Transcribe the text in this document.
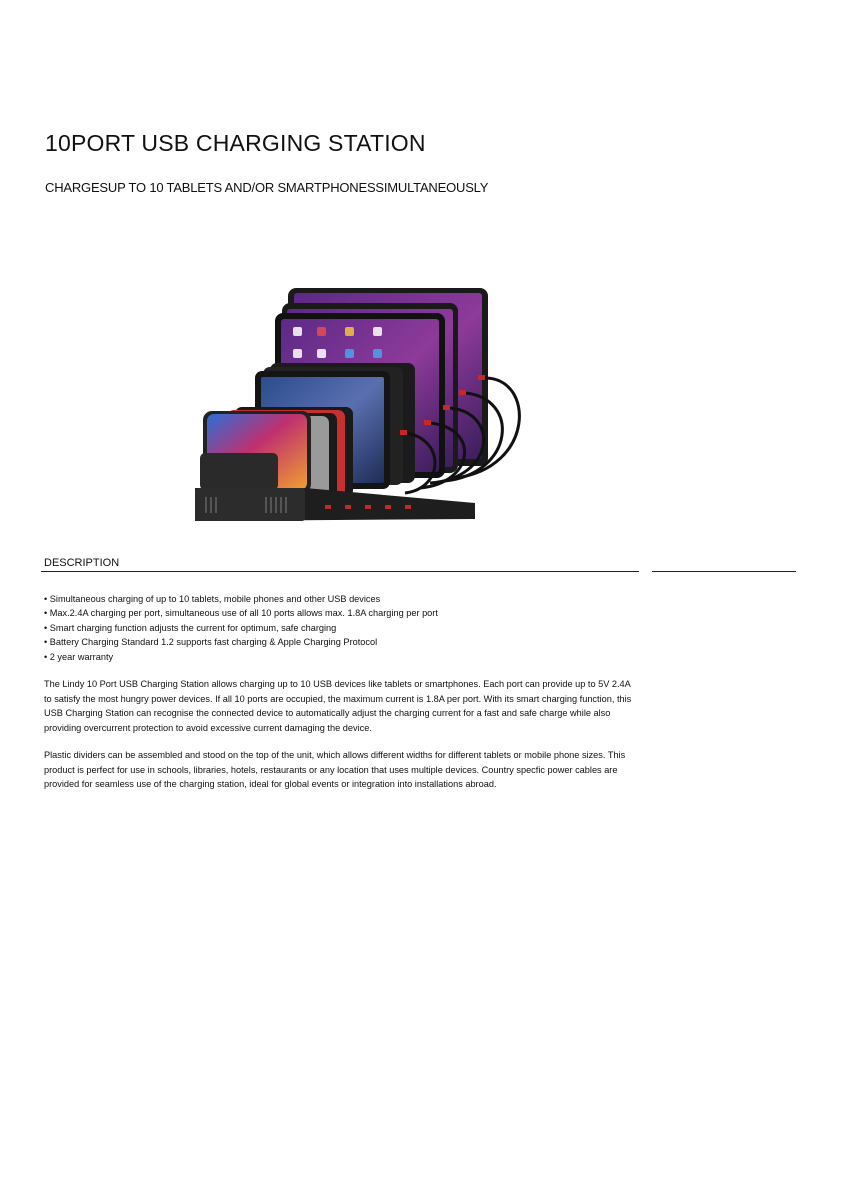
10PORT USB CHARGING STATION
CHARGESUP TO 10 TABLETS AND/OR SMARTPHONESSIMULTANEOUSLY
DESCRIPTION
• Simultaneous charging of up to 10 tablets, mobile phones and other USB devices
• Max.2.4A charging per port, simultaneous use of all 10 ports allows max. 1.8A charging per port
• Smart charging function adjusts the current for optimum, safe charging
• Battery Charging Standard 1.2 supports fast charging & Apple Charging Protocol
• 2 year warranty

The Lindy 10 Port USB Charging Station allows charging up to 10 USB devices like tablets or smartphones. Each port can provide up to 5V 2.4A to satisfy the most hungry power devices. If all 10 ports are occupied, the maximum current is 1.8A per port. With its smart charging function, this USB Charging Station can recognise the connected device to automatically adjust the charging current for a fast and safe charge while also providing overcurrent protection to avoid excessive current damaging the device.

Plastic dividers can be assembled and stood on the top of the unit, which allows different widths for different tablets or mobile phone sizes. This product is perfect for use in schools, libraries, hotels, restaurants or any location that uses multiple devices. Country specfic power cables are provided for seamless use of the charging station, ideal for global events or integration into installations abroad.
